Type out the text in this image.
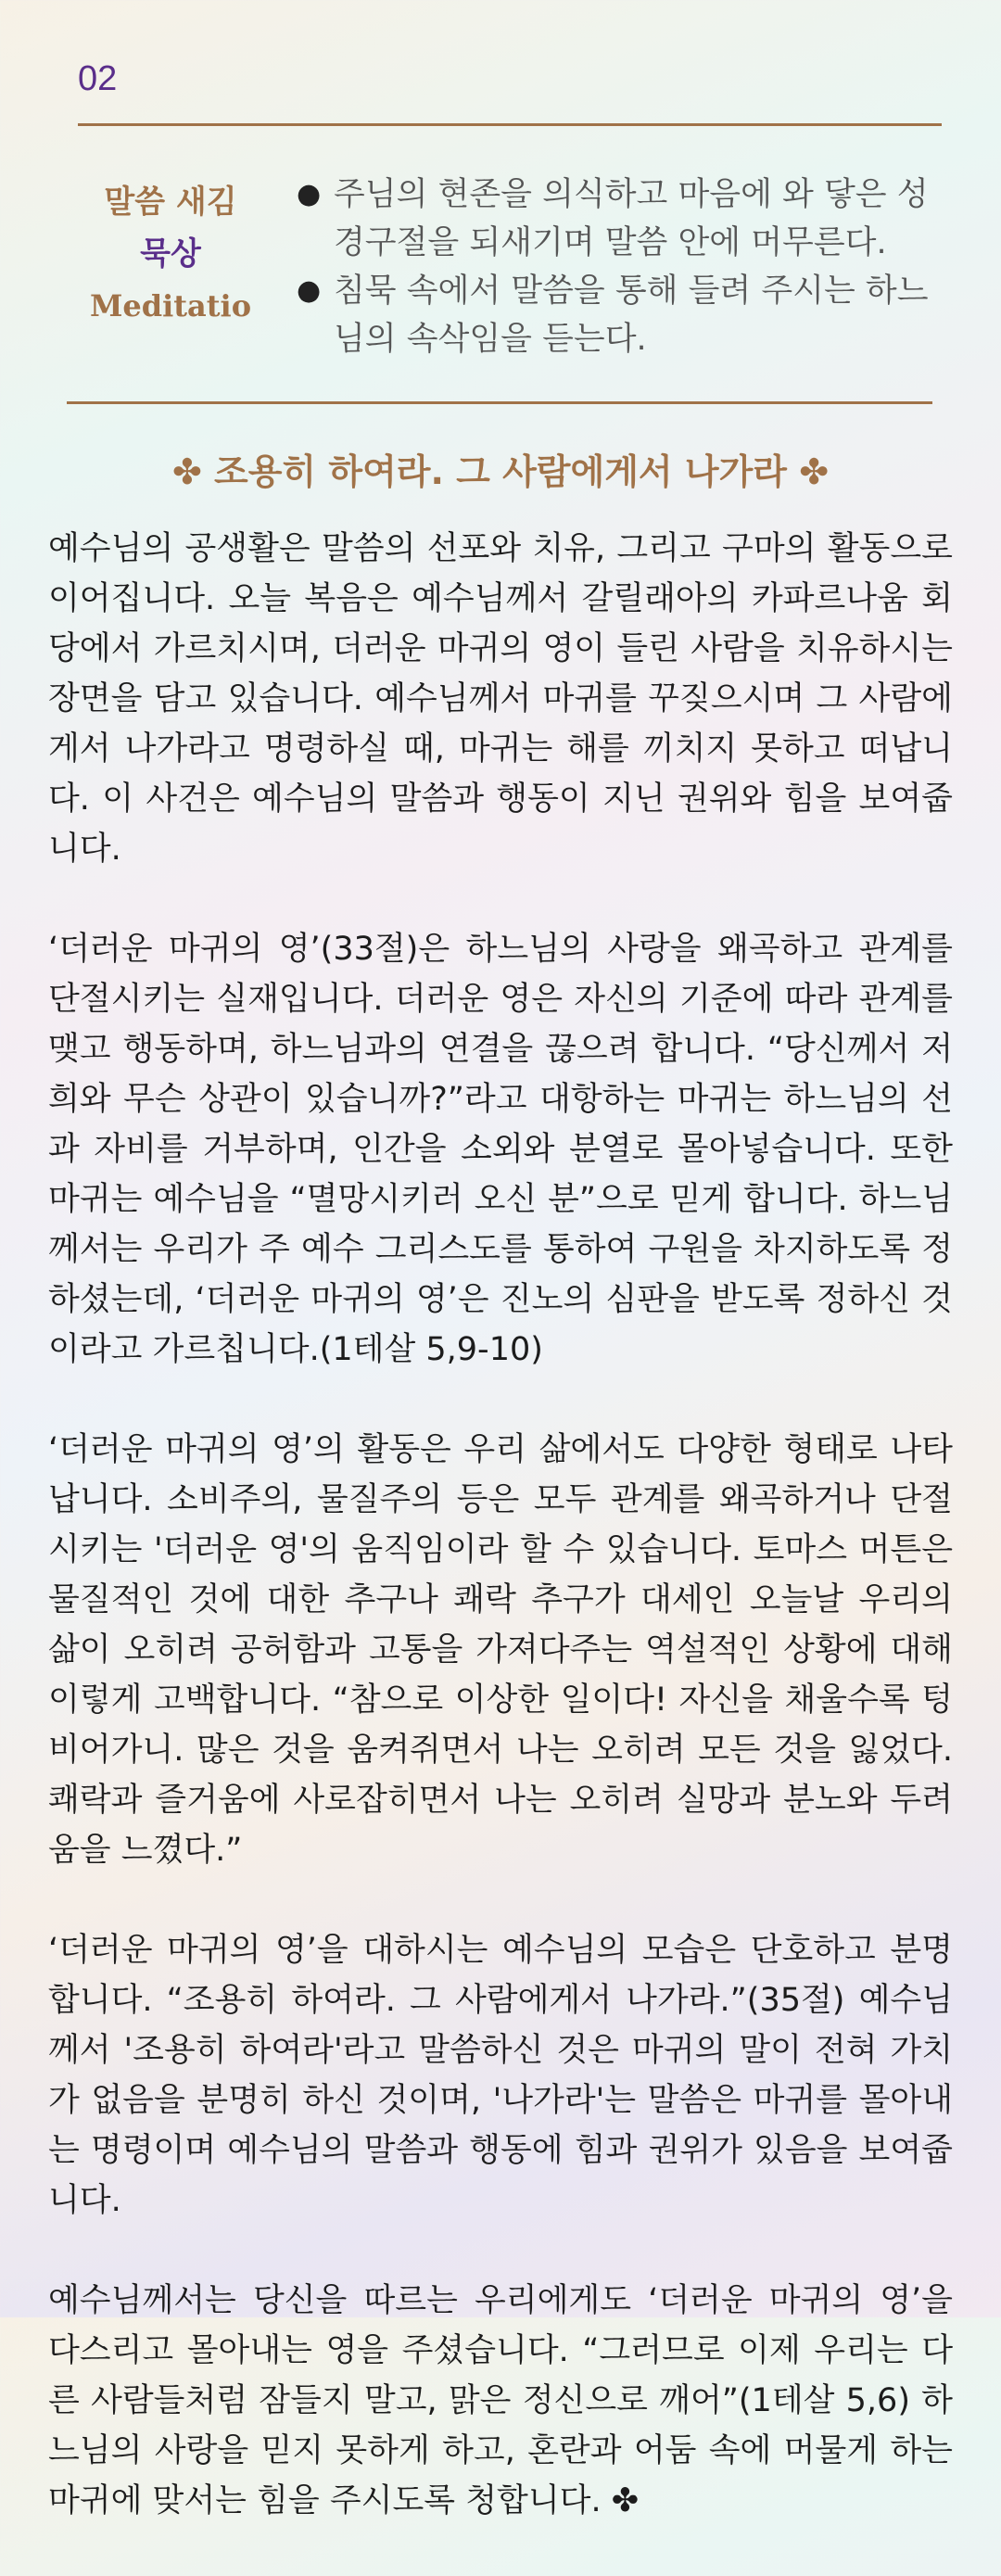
02
말씀 새김
묵상
Meditatio
● 주님의 현존을 의식하고 마음에 와 닿은 성경구절을 되새기며 말씀 안에 머무른다.
● 침묵 속에서 말씀을 통해 들려 주시는 하느님의 속삭임을 듣는다.
✤ 조용히 하여라. 그 사람에게서 나가라 ✤

예수님의 공생활은 말씀의 선포와 치유, 그리고 구마의 활동으로 이어집니다. 오늘 복음은 예수님께서 갈릴래아의 카파르나움 회당에서 가르치시며, 더러운 마귀의 영이 들린 사람을 치유하시는 장면을 담고 있습니다. 예수님께서 마귀를 꾸짖으시며 그 사람에게서 나가라고 명령하실 때, 마귀는 해를 끼치지 못하고 떠납니다. 이 사건은 예수님의 말씀과 행동이 지닌 권위와 힘을 보여줍니다.

‘더러운 마귀의 영’(33절)은 하느님의 사랑을 왜곡하고 관계를 단절시키는 실재입니다. 더러운 영은 자신의 기준에 따라 관계를 맺고 행동하며, 하느님과의 연결을 끊으려 합니다. “당신께서 저희와 무슨 상관이 있습니까?”라고 대항하는 마귀는 하느님의 선과 자비를 거부하며, 인간을 소외와 분열로 몰아넣습니다. 또한 마귀는 예수님을 “멸망시키러 오신 분”으로 믿게 합니다. 하느님께서는 우리가 주 예수 그리스도를 통하여 구원을 차지하도록 정하셨는데, ‘더러운 마귀의 영’은 진노의 심판을 받도록 정하신 것이라고 가르칩니다.(1테살 5,9-10)

‘더러운 마귀의 영’의 활동은 우리 삶에서도 다양한 형태로 나타납니다. 소비주의, 물질주의 등은 모두 관계를 왜곡하거나 단절시키는 '더러운 영'의 움직임이라 할 수 있습니다. 토마스 머튼은 물질적인 것에 대한 추구나 쾌락 추구가 대세인 오늘날 우리의 삶이 오히려 공허함과 고통을 가져다주는 역설적인 상황에 대해 이렇게 고백합니다. “참으로 이상한 일이다! 자신을 채울수록 텅 비어가니. 많은 것을 움켜쥐면서 나는 오히려 모든 것을 잃었다. 쾌락과 즐거움에 사로잡히면서 나는 오히려 실망과 분노와 두려움을 느꼈다.”

‘더러운 마귀의 영’을 대하시는 예수님의 모습은 단호하고 분명합니다. “조용히 하여라. 그 사람에게서 나가라.”(35절) 예수님께서 '조용히 하여라'라고 말씀하신 것은 마귀의 말이 전혀 가치가 없음을 분명히 하신 것이며, '나가라'는 말씀은 마귀를 몰아내는 명령이며 예수님의 말씀과 행동에 힘과 권위가 있음을 보여줍니다.

예수님께서는 당신을 따르는 우리에게도 ‘더러운 마귀의 영’을 다스리고 몰아내는 영을 주셨습니다. “그러므로 이제 우리는 다른 사람들처럼 잠들지 말고, 맑은 정신으로 깨어”(1테살 5,6) 하느님의 사랑을 믿지 못하게 하고, 혼란과 어둠 속에 머물게 하는 마귀에 맞서는 힘을 주시도록 청합니다. ✤
